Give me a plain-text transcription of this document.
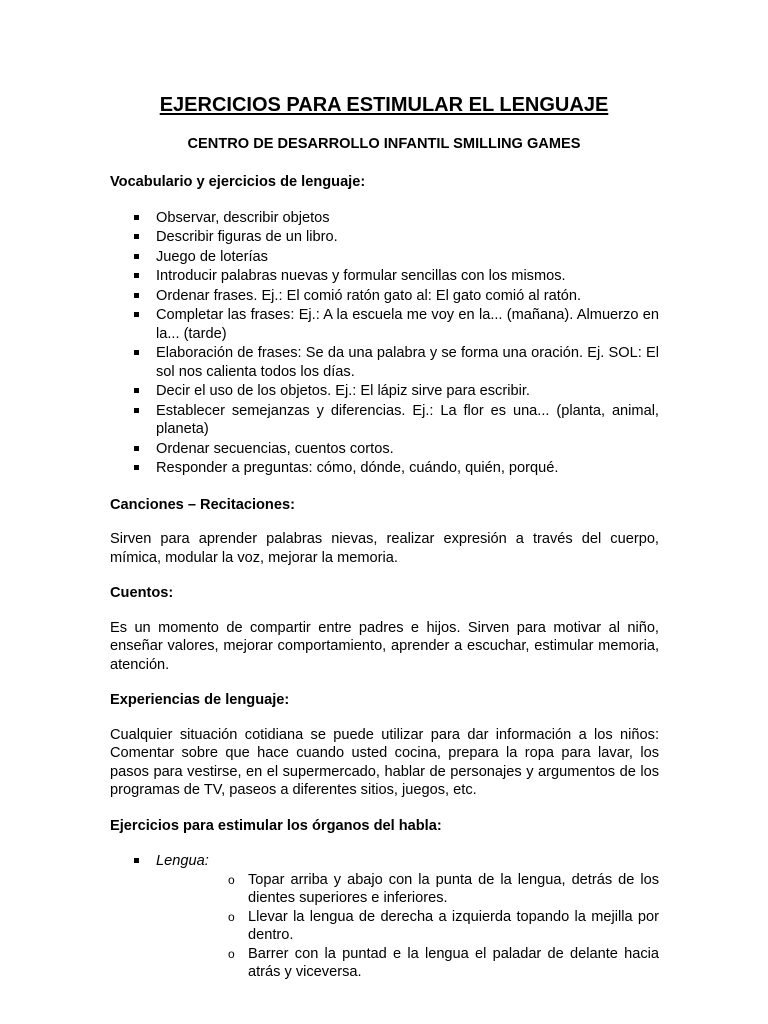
EJERCICIOS PARA ESTIMULAR EL LENGUAJE
CENTRO DE DESARROLLO INFANTIL SMILLING GAMES

Vocabulario y ejercicios de lenguaje:

Observar, describir objetos
Describir figuras de un libro.
Juego de loterías
Introducir palabras nuevas y formular sencillas con los mismos.
Ordenar frases. Ej.: El comió ratón gato al: El gato comió al ratón.
Completar las frases: Ej.: A la escuela me voy en la... (mañana). Almuerzo en la... (tarde)
Elaboración de frases: Se da una palabra y se forma una oración. Ej. SOL: El sol nos calienta todos los días.
Decir el uso de los objetos. Ej.: El lápiz sirve para escribir.
Establecer semejanzas y diferencias. Ej.: La flor es una... (planta, animal, planeta)
Ordenar secuencias, cuentos cortos.
Responder a preguntas: cómo, dónde, cuándo, quién, porqué.

Canciones – Recitaciones:

Sirven para aprender palabras nievas, realizar expresión a través del cuerpo, mímica, modular la voz, mejorar la memoria.

Cuentos:

Es un momento de compartir entre padres e hijos. Sirven para motivar al niño, enseñar valores, mejorar comportamiento, aprender a escuchar, estimular memoria, atención.

Experiencias de lenguaje:

Cualquier situación cotidiana se puede utilizar para dar información a los niños: Comentar sobre que hace cuando usted cocina, prepara la ropa para lavar, los pasos para vestirse, en el supermercado, hablar de personajes y argumentos de los programas de TV, paseos a diferentes sitios, juegos, etc.

Ejercicios para estimular los órganos del habla:

Lengua:
o Topar arriba y abajo con la punta de la lengua, detrás de los dientes superiores e inferiores.
o Llevar la lengua de derecha a izquierda topando la mejilla por dentro.
o Barrer con la puntad e la lengua el paladar de delante hacia atrás y viceversa.
